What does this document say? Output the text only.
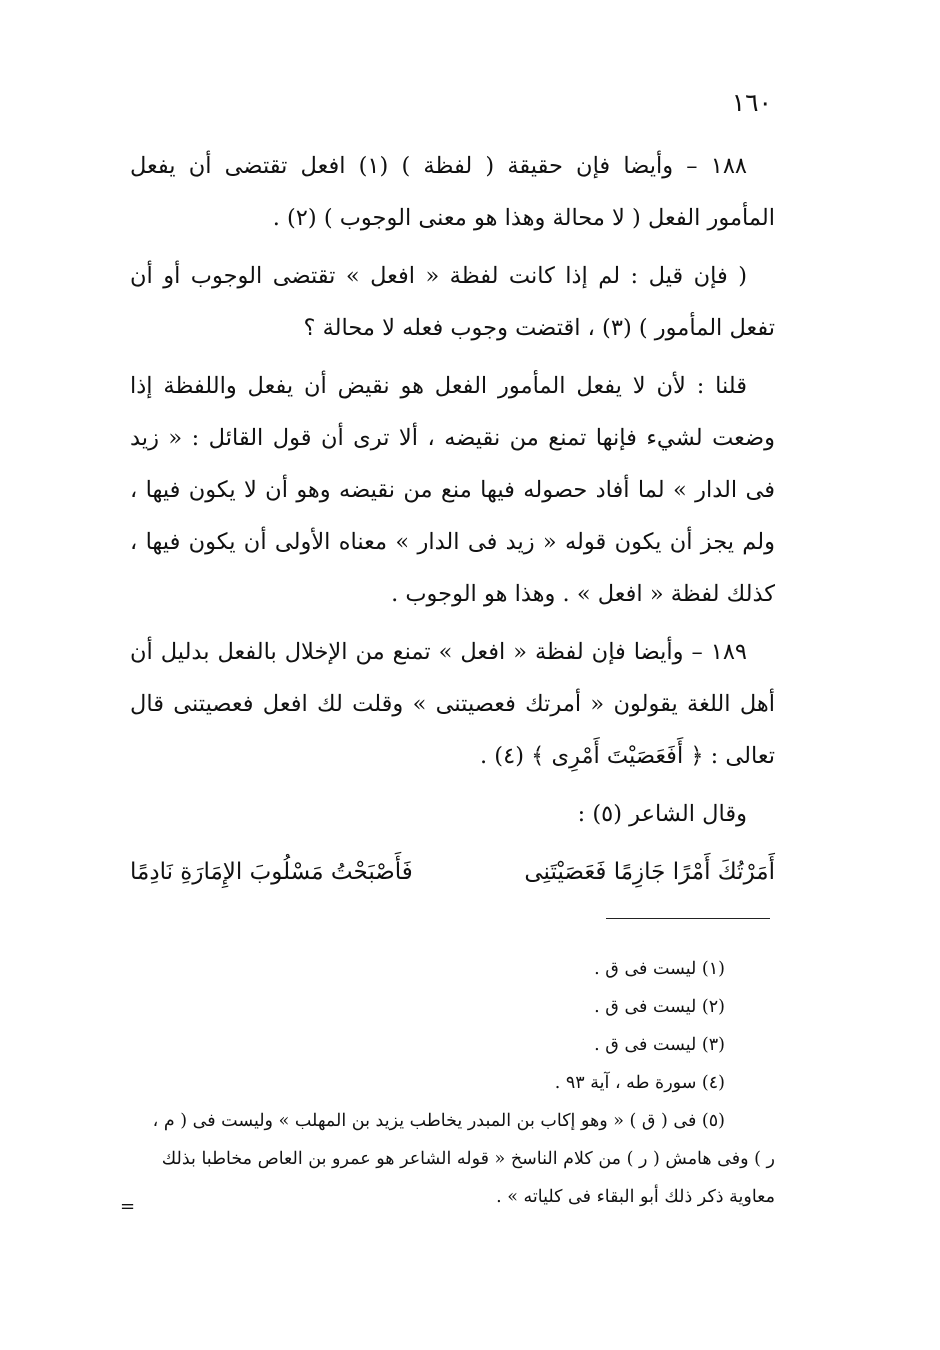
١٦٠

١٨٨ – وأيضا فإن حقيقة ( لفظة ) (١) افعل تقتضى أن يفعل المأمور الفعل ( لا محالة وهذا هو معنى الوجوب ) (٢) .

( فإن قيل : لم إذا كانت لفظة « افعل » تقتضى الوجوب أو أن تفعل المأمور ) (٣) ، اقتضت وجوب فعله لا محالة ؟

قلنا : لأن لا يفعل المأمور الفعل هو نقيض أن يفعل واللفظة إذا وضعت لشيء فإنها تمنع من نقيضه ، ألا ترى أن قول القائل : « زيد فى الدار » لما أفاد حصوله فيها منع من نقيضه وهو أن لا يكون فيها ، ولم يجز أن يكون قوله « زيد فى الدار » معناه الأولى أن يكون فيها ، كذلك لفظة « افعل » . وهذا هو الوجوب .

١٨٩ – وأيضا فإن لفظة « افعل » تمنع من الإخلال بالفعل بدليل أن أهل اللغة يقولون « أمرتك فعصيتنى » وقلت لك افعل فعصيتنى قال تعالى : ﴿ أَفَعَصَيْتَ أَمْرِى ﴾ (٤) .

وقال الشاعر (٥) :

أَمَرْتُكَ أَمْرًا جَازِمًا فَعَصَيْتَنِى
فَأَصْبَحْتُ مَسْلُوبَ الإِمَارَةِ نَادِمًا

(١) ليست فى ق .

(٢) ليست فى ق .

(٣) ليست فى ق .

(٤) سورة طه ، آية ٩٣ .

(٥) فى ( ق ) « وهو إكاب بن المبدر يخاطب يزيد بن المهلب » وليست فى ( م ،

ر ) وفى هامش ( ر ) من كلام الناسخ « قوله الشاعر هو عمرو بن العاص مخاطبا بذلك

معاوية ذكر ذلك أبو البقاء فى كلياته » .

=
